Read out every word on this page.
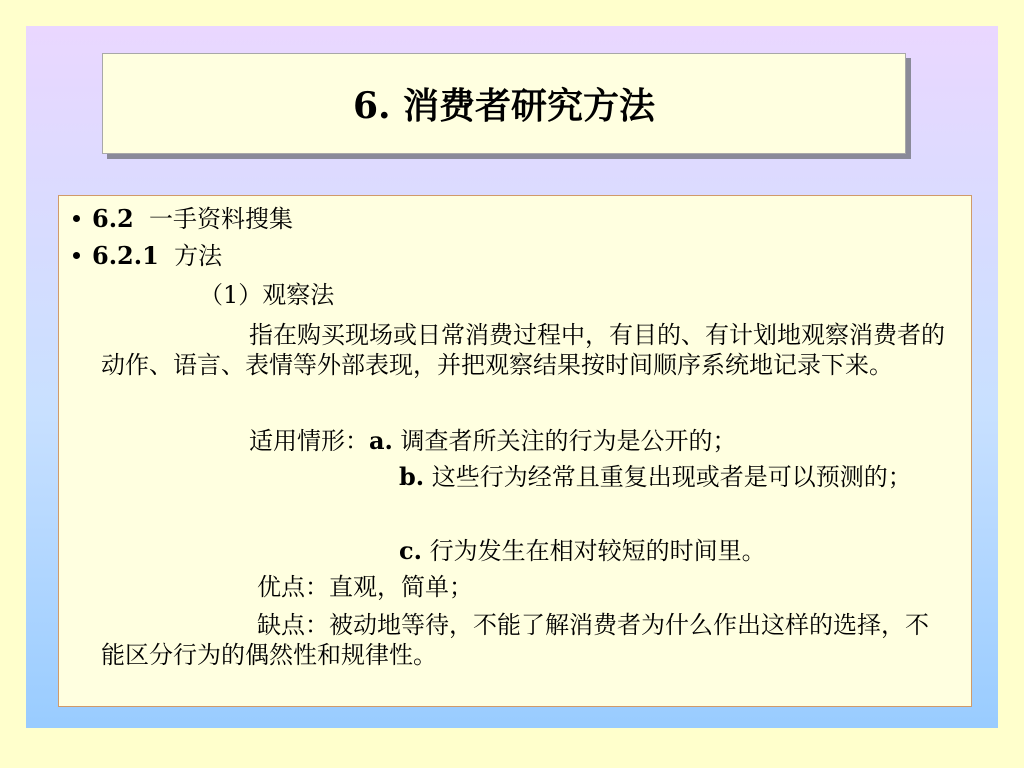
6. 消费者研究方法
6.2 一手资料搜集
6.2.1 方法
（1）观察法
指在购买现场或日常消费过程中，有目的、有计划地观察消费者的动作、语言、表情等外部表现，并把观察结果按时间顺序系统地记录下来。
适用情形：a. 调查者所关注的行为是公开的；
b. 这些行为经常且重复出现或者是可以预测的；
c. 行为发生在相对较短的时间里。
优点：直观，简单；
缺点：被动地等待，不能了解消费者为什么作出这样的选择，不能区分行为的偶然性和规律性。
